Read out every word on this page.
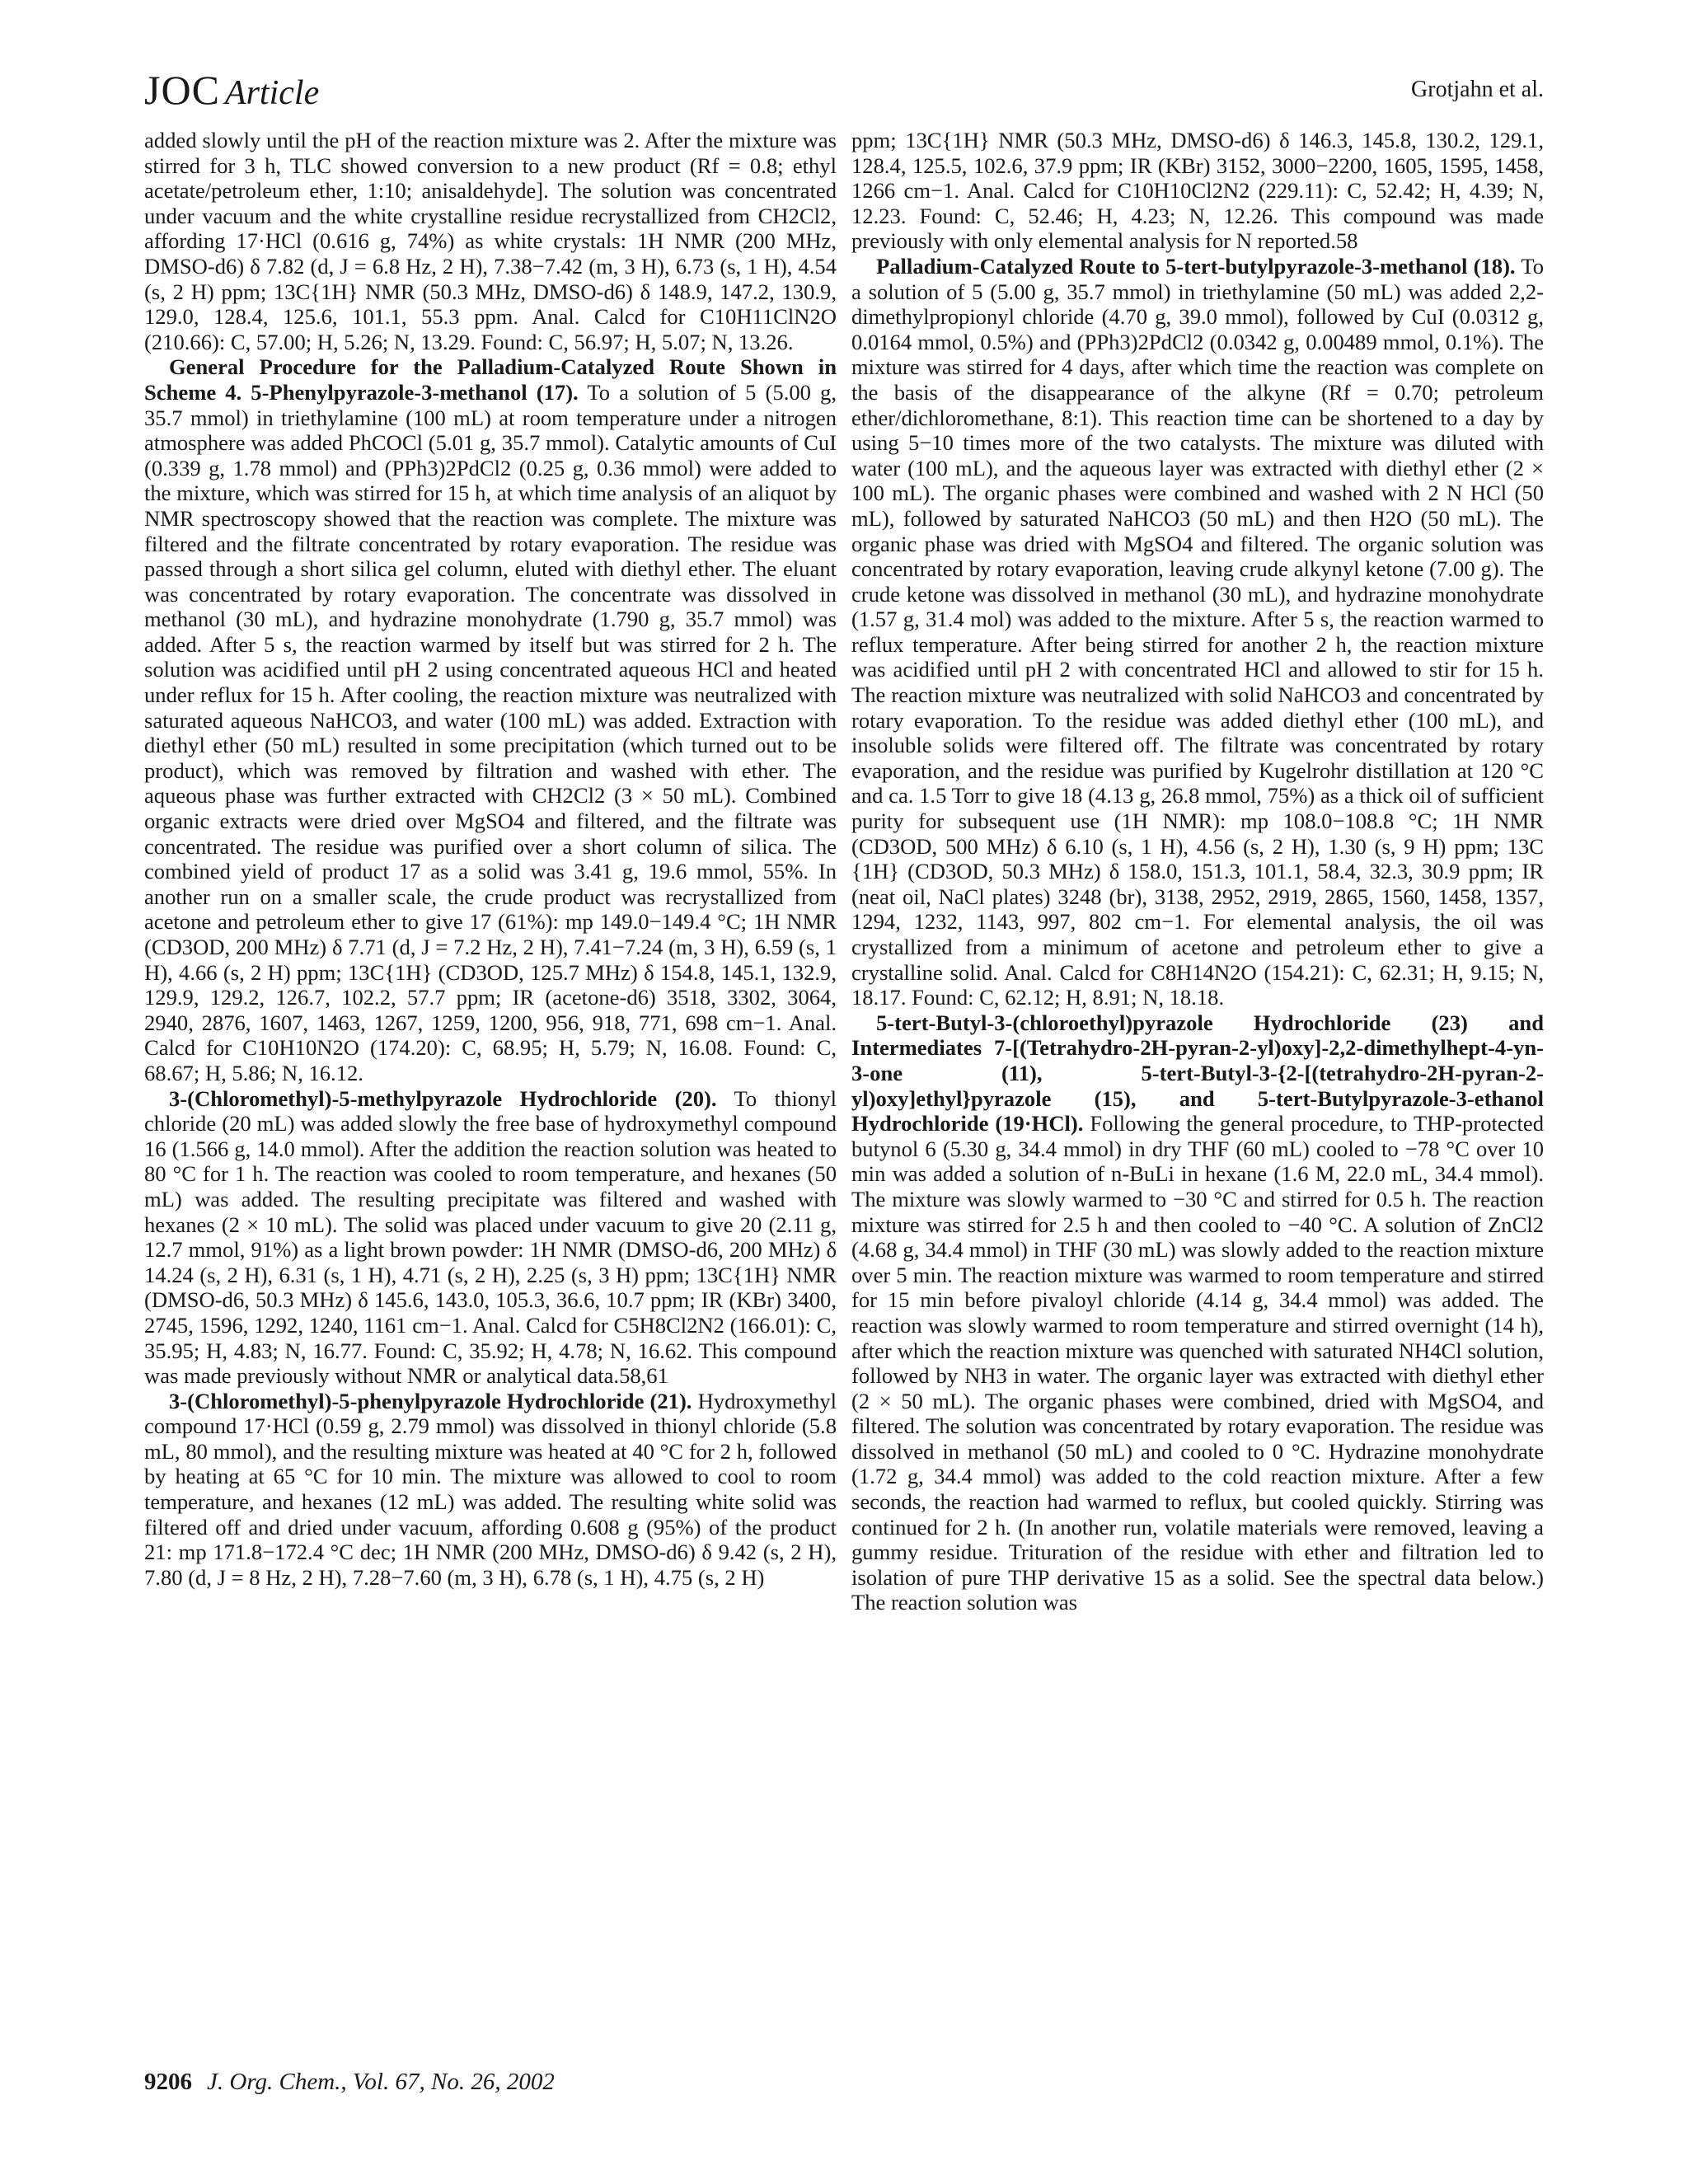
JOC Article	Grotjahn et al.

added slowly until the pH of the reaction mixture was 2. After the mixture was stirred for 3 h, TLC showed conversion to a new product (Rf = 0.8; ethyl acetate/petroleum ether, 1:10; anisaldehyde]. The solution was concentrated under vacuum and the white crystalline residue recrystallized from CH2Cl2, affording 17·HCl (0.616 g, 74%) as white crystals: 1H NMR (200 MHz, DMSO-d6) δ 7.82 (d, J = 6.8 Hz, 2 H), 7.38−7.42 (m, 3 H), 6.73 (s, 1 H), 4.54 (s, 2 H) ppm; 13C{1H} NMR (50.3 MHz, DMSO-d6) δ 148.9, 147.2, 130.9, 129.0, 128.4, 125.6, 101.1, 55.3 ppm. Anal. Calcd for C10H11ClN2O (210.66): C, 57.00; H, 5.26; N, 13.29. Found: C, 56.97; H, 5.07; N, 13.26.

General Procedure for the Palladium-Catalyzed Route Shown in Scheme 4. 5-Phenylpyrazole-3-methanol (17). To a solution of 5 (5.00 g, 35.7 mmol) in triethylamine (100 mL) at room temperature under a nitrogen atmosphere was added PhCOCl (5.01 g, 35.7 mmol). Catalytic amounts of CuI (0.339 g, 1.78 mmol) and (PPh3)2PdCl2 (0.25 g, 0.36 mmol) were added to the mixture, which was stirred for 15 h, at which time analysis of an aliquot by NMR spectroscopy showed that the reaction was complete. The mixture was filtered and the filtrate concentrated by rotary evaporation. The residue was passed through a short silica gel column, eluted with diethyl ether. The eluant was concentrated by rotary evaporation. The concentrate was dissolved in methanol (30 mL), and hydrazine monohydrate (1.790 g, 35.7 mmol) was added. After 5 s, the reaction warmed by itself but was stirred for 2 h. The solution was acidified until pH 2 using concentrated aqueous HCl and heated under reflux for 15 h. After cooling, the reaction mixture was neutralized with saturated aqueous NaHCO3, and water (100 mL) was added. Extraction with diethyl ether (50 mL) resulted in some precipitation (which turned out to be product), which was removed by filtration and washed with ether. The aqueous phase was further extracted with CH2Cl2 (3 × 50 mL). Combined organic extracts were dried over MgSO4 and filtered, and the filtrate was concentrated. The residue was purified over a short column of silica. The combined yield of product 17 as a solid was 3.41 g, 19.6 mmol, 55%. In another run on a smaller scale, the crude product was recrystallized from acetone and petroleum ether to give 17 (61%): mp 149.0−149.4 °C; 1H NMR (CD3OD, 200 MHz) δ 7.71 (d, J = 7.2 Hz, 2 H), 7.41−7.24 (m, 3 H), 6.59 (s, 1 H), 4.66 (s, 2 H) ppm; 13C{1H} (CD3OD, 125.7 MHz) δ 154.8, 145.1, 132.9, 129.9, 129.2, 126.7, 102.2, 57.7 ppm; IR (acetone-d6) 3518, 3302, 3064, 2940, 2876, 1607, 1463, 1267, 1259, 1200, 956, 918, 771, 698 cm−1. Anal. Calcd for C10H10N2O (174.20): C, 68.95; H, 5.79; N, 16.08. Found: C, 68.67; H, 5.86; N, 16.12.

3-(Chloromethyl)-5-methylpyrazole Hydrochloride (20). To thionyl chloride (20 mL) was added slowly the free base of hydroxymethyl compound 16 (1.566 g, 14.0 mmol). After the addition the reaction solution was heated to 80 °C for 1 h. The reaction was cooled to room temperature, and hexanes (50 mL) was added. The resulting precipitate was filtered and washed with hexanes (2 × 10 mL). The solid was placed under vacuum to give 20 (2.11 g, 12.7 mmol, 91%) as a light brown powder: 1H NMR (DMSO-d6, 200 MHz) δ 14.24 (s, 2 H), 6.31 (s, 1 H), 4.71 (s, 2 H), 2.25 (s, 3 H) ppm; 13C{1H} NMR (DMSO-d6, 50.3 MHz) δ 145.6, 143.0, 105.3, 36.6, 10.7 ppm; IR (KBr) 3400, 2745, 1596, 1292, 1240, 1161 cm−1. Anal. Calcd for C5H8Cl2N2 (166.01): C, 35.95; H, 4.83; N, 16.77. Found: C, 35.92; H, 4.78; N, 16.62. This compound was made previously without NMR or analytical data.58,61

3-(Chloromethyl)-5-phenylpyrazole Hydrochloride (21). Hydroxymethyl compound 17·HCl (0.59 g, 2.79 mmol) was dissolved in thionyl chloride (5.8 mL, 80 mmol), and the resulting mixture was heated at 40 °C for 2 h, followed by heating at 65 °C for 10 min. The mixture was allowed to cool to room temperature, and hexanes (12 mL) was added. The resulting white solid was filtered off and dried under vacuum, affording 0.608 g (95%) of the product 21: mp 171.8−172.4 °C dec; 1H NMR (200 MHz, DMSO-d6) δ 9.42 (s, 2 H), 7.80 (d, J = 8 Hz, 2 H), 7.28−7.60 (m, 3 H), 6.78 (s, 1 H), 4.75 (s, 2 H)

ppm; 13C{1H} NMR (50.3 MHz, DMSO-d6) δ 146.3, 145.8, 130.2, 129.1, 128.4, 125.5, 102.6, 37.9 ppm; IR (KBr) 3152, 3000−2200, 1605, 1595, 1458, 1266 cm−1. Anal. Calcd for C10H10Cl2N2 (229.11): C, 52.42; H, 4.39; N, 12.23. Found: C, 52.46; H, 4.23; N, 12.26. This compound was made previously with only elemental analysis for N reported.58

Palladium-Catalyzed Route to 5-tert-butylpyrazole-3-methanol (18). To a solution of 5 (5.00 g, 35.7 mmol) in triethylamine (50 mL) was added 2,2-dimethylpropionyl chloride (4.70 g, 39.0 mmol), followed by CuI (0.0312 g, 0.0164 mmol, 0.5%) and (PPh3)2PdCl2 (0.0342 g, 0.00489 mmol, 0.1%). The mixture was stirred for 4 days, after which time the reaction was complete on the basis of the disappearance of the alkyne (Rf = 0.70; petroleum ether/dichloromethane, 8:1). This reaction time can be shortened to a day by using 5−10 times more of the two catalysts. The mixture was diluted with water (100 mL), and the aqueous layer was extracted with diethyl ether (2 × 100 mL). The organic phases were combined and washed with 2 N HCl (50 mL), followed by saturated NaHCO3 (50 mL) and then H2O (50 mL). The organic phase was dried with MgSO4 and filtered. The organic solution was concentrated by rotary evaporation, leaving crude alkynyl ketone (7.00 g). The crude ketone was dissolved in methanol (30 mL), and hydrazine monohydrate (1.57 g, 31.4 mol) was added to the mixture. After 5 s, the reaction warmed to reflux temperature. After being stirred for another 2 h, the reaction mixture was acidified until pH 2 with concentrated HCl and allowed to stir for 15 h. The reaction mixture was neutralized with solid NaHCO3 and concentrated by rotary evaporation. To the residue was added diethyl ether (100 mL), and insoluble solids were filtered off. The filtrate was concentrated by rotary evaporation, and the residue was purified by Kugelrohr distillation at 120 °C and ca. 1.5 Torr to give 18 (4.13 g, 26.8 mmol, 75%) as a thick oil of sufficient purity for subsequent use (1H NMR): mp 108.0−108.8 °C; 1H NMR (CD3OD, 500 MHz) δ 6.10 (s, 1 H), 4.56 (s, 2 H), 1.30 (s, 9 H) ppm; 13C {1H} (CD3OD, 50.3 MHz) δ 158.0, 151.3, 101.1, 58.4, 32.3, 30.9 ppm; IR (neat oil, NaCl plates) 3248 (br), 3138, 2952, 2919, 2865, 1560, 1458, 1357, 1294, 1232, 1143, 997, 802 cm−1. For elemental analysis, the oil was crystallized from a minimum of acetone and petroleum ether to give a crystalline solid. Anal. Calcd for C8H14N2O (154.21): C, 62.31; H, 9.15; N, 18.17. Found: C, 62.12; H, 8.91; N, 18.18.

5-tert-Butyl-3-(chloroethyl)pyrazole Hydrochloride (23) and Intermediates 7-[(Tetrahydro-2H-pyran-2-yl)oxy]-2,2-dimethylhept-4-yn-3-one (11), 5-tert-Butyl-3-{2-[(tetrahydro-2H-pyran-2-yl)oxy]ethyl}pyrazole (15), and 5-tert-Butylpyrazole-3-ethanol Hydrochloride (19·HCl). Following the general procedure, to THP-protected butynol 6 (5.30 g, 34.4 mmol) in dry THF (60 mL) cooled to −78 °C over 10 min was added a solution of n-BuLi in hexane (1.6 M, 22.0 mL, 34.4 mmol). The mixture was slowly warmed to −30 °C and stirred for 0.5 h. The reaction mixture was stirred for 2.5 h and then cooled to −40 °C. A solution of ZnCl2 (4.68 g, 34.4 mmol) in THF (30 mL) was slowly added to the reaction mixture over 5 min. The reaction mixture was warmed to room temperature and stirred for 15 min before pivaloyl chloride (4.14 g, 34.4 mmol) was added. The reaction was slowly warmed to room temperature and stirred overnight (14 h), after which the reaction mixture was quenched with saturated NH4Cl solution, followed by NH3 in water. The organic layer was extracted with diethyl ether (2 × 50 mL). The organic phases were combined, dried with MgSO4, and filtered. The solution was concentrated by rotary evaporation. The residue was dissolved in methanol (50 mL) and cooled to 0 °C. Hydrazine monohydrate (1.72 g, 34.4 mmol) was added to the cold reaction mixture. After a few seconds, the reaction had warmed to reflux, but cooled quickly. Stirring was continued for 2 h. (In another run, volatile materials were removed, leaving a gummy residue. Trituration of the residue with ether and filtration led to isolation of pure THP derivative 15 as a solid. See the spectral data below.) The reaction solution was

9206 J. Org. Chem., Vol. 67, No. 26, 2002
